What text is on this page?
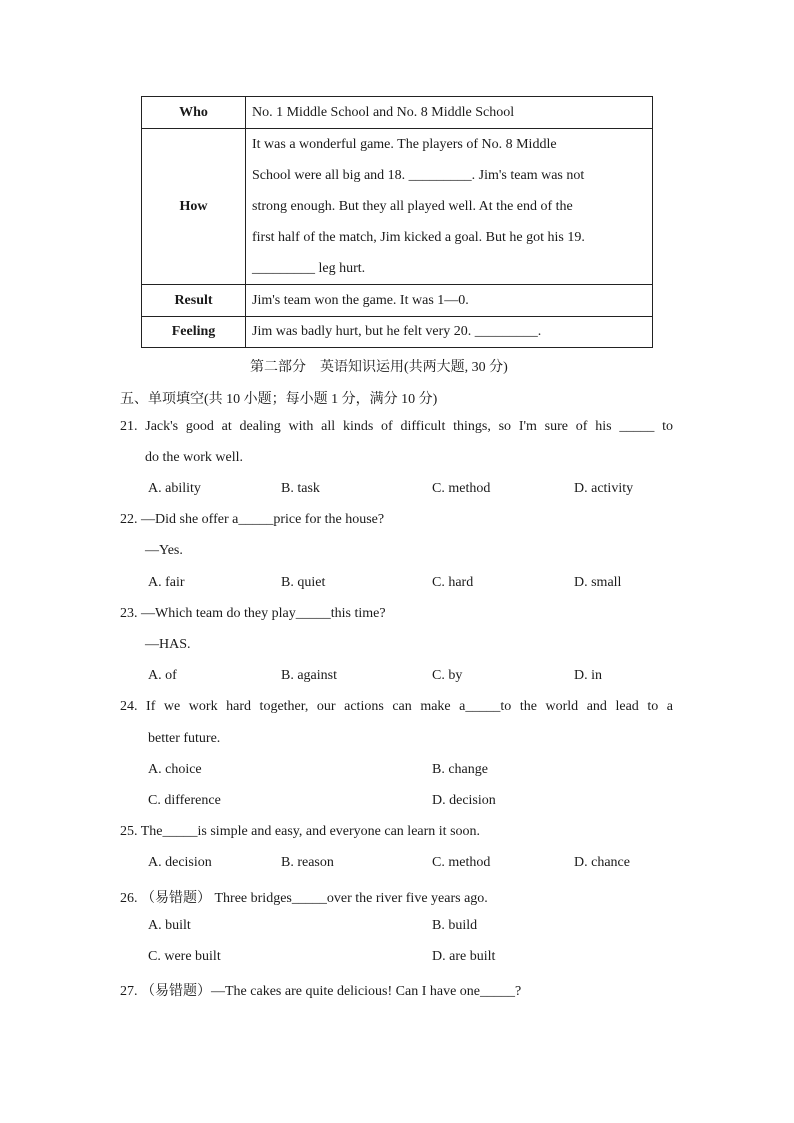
Who	No. 1 Middle School and No. 8 Middle School
How	It was a wonderful game. The players of No. 8 Middle
School were all big and 18. _________. Jim's team was not
strong enough. But they all played well. At the end of the
first half of the match, Jim kicked a goal. But he got his 19.
_________ leg hurt.

Result	Jim's team won the game. It was 1—0.
Feeling	Jim was badly hurt, but he felt very 20. _________.
第二部分　英语知识运用(共两大题, 30 分)
五、单项填空(共 10 小题；每小题 1 分，满分 10 分)
21. Jack's good at dealing with all kinds of difficult things, so I'm sure of his _____ to
do the work well.
A. ability	B. task	C. method	D. activity
22. —Did she offer a_____price for the house?
—Yes.
A. fair	B. quiet	C. hard	D. small
23. —Which team do they play_____this time?
—HAS.
A. of	B. against	C. by	D. in
24. If we work hard together, our actions can make a_____to the world and lead to a
better future.
A. choice	B. change
C. difference	D. decision
25. The_____is simple and easy, and everyone can learn it soon.
A. decision	B. reason	C. method	D. chance
26. （易错题） Three bridges_____over the river five years ago.
A. built	B. build
C. were built	D. are built
27. （易错题）—The cakes are quite delicious! Can I have one_____?
